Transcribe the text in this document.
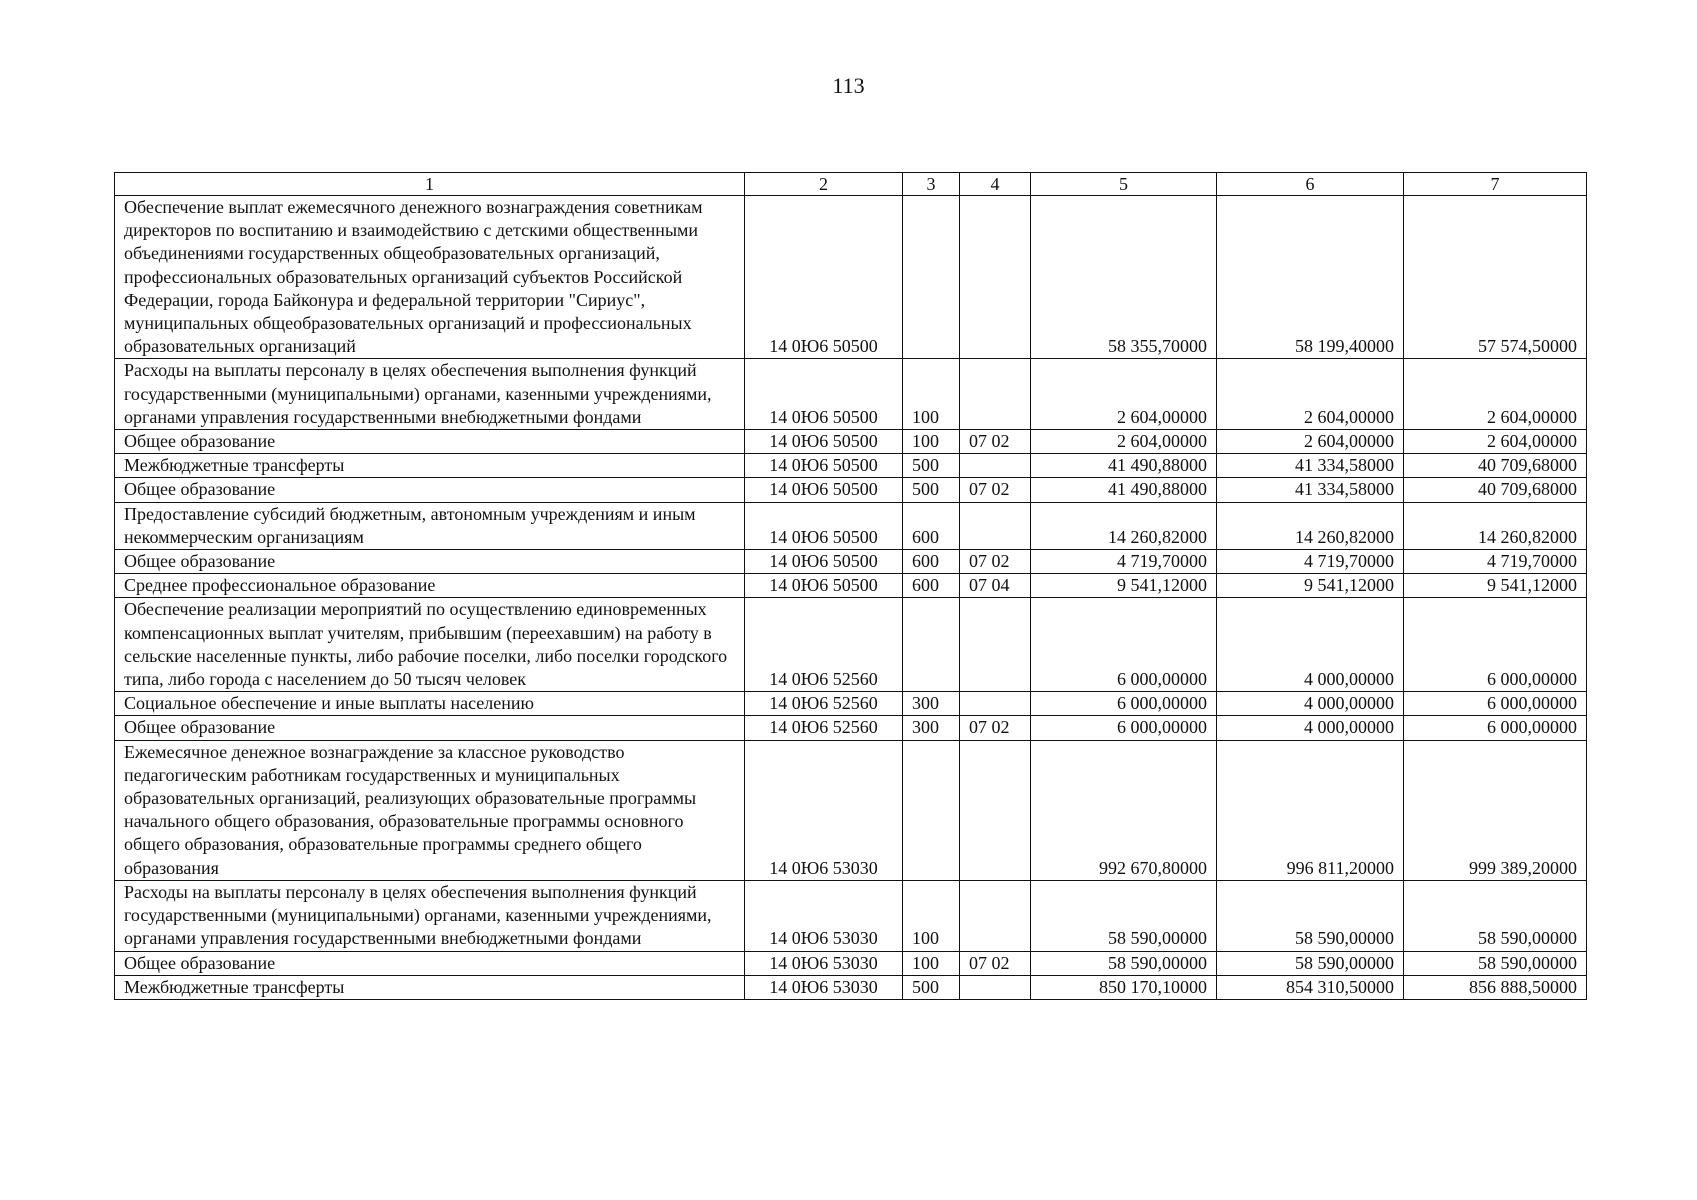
113
1	2	3	4	5	6	7
Обеспечение выплат ежемесячного денежного вознаграждения советникам директоров по воспитанию и взаимодействию с детскими общественными объединениями государственных общеобразовательных организаций, профессиональных образовательных организаций субъектов Российской Федерации, города Байконура и федеральной территории "Сириус", муниципальных общеобразовательных организаций и профессиональных образовательных организаций	14 0Ю6 50500			58 355,70000	58 199,40000	57 574,50000
Расходы на выплаты персоналу в целях обеспечения выполнения функций государственными (муниципальными) органами, казенными учреждениями, органами управления государственными внебюджетными фондами	14 0Ю6 50500	100		2 604,00000	2 604,00000	2 604,00000
Общее образование	14 0Ю6 50500	100	07 02	2 604,00000	2 604,00000	2 604,00000
Межбюджетные трансферты	14 0Ю6 50500	500		41 490,88000	41 334,58000	40 709,68000
Общее образование	14 0Ю6 50500	500	07 02	41 490,88000	41 334,58000	40 709,68000
Предоставление субсидий бюджетным, автономным учреждениям и иным некоммерческим организациям	14 0Ю6 50500	600		14 260,82000	14 260,82000	14 260,82000
Общее образование	14 0Ю6 50500	600	07 02	4 719,70000	4 719,70000	4 719,70000
Среднее профессиональное образование	14 0Ю6 50500	600	07 04	9 541,12000	9 541,12000	9 541,12000
Обеспечение реализации мероприятий по осуществлению единовременных компенсационных выплат учителям, прибывшим (переехавшим) на работу в сельские населенные пункты, либо рабочие поселки, либо поселки городского типа, либо города с населением до 50 тысяч человек	14 0Ю6 52560			6 000,00000	4 000,00000	6 000,00000
Социальное обеспечение и иные выплаты населению	14 0Ю6 52560	300		6 000,00000	4 000,00000	6 000,00000
Общее образование	14 0Ю6 52560	300	07 02	6 000,00000	4 000,00000	6 000,00000
Ежемесячное денежное вознаграждение за классное руководство педагогическим работникам государственных и муниципальных образовательных организаций, реализующих образовательные программы начального общего образования, образовательные программы основного общего образования, образовательные программы среднего общего образования	14 0Ю6 53030			992 670,80000	996 811,20000	999 389,20000
Расходы на выплаты персоналу в целях обеспечения выполнения функций государственными (муниципальными) органами, казенными учреждениями, органами управления государственными внебюджетными фондами	14 0Ю6 53030	100		58 590,00000	58 590,00000	58 590,00000
Общее образование	14 0Ю6 53030	100	07 02	58 590,00000	58 590,00000	58 590,00000
Межбюджетные трансферты	14 0Ю6 53030	500		850 170,10000	854 310,50000	856 888,50000
